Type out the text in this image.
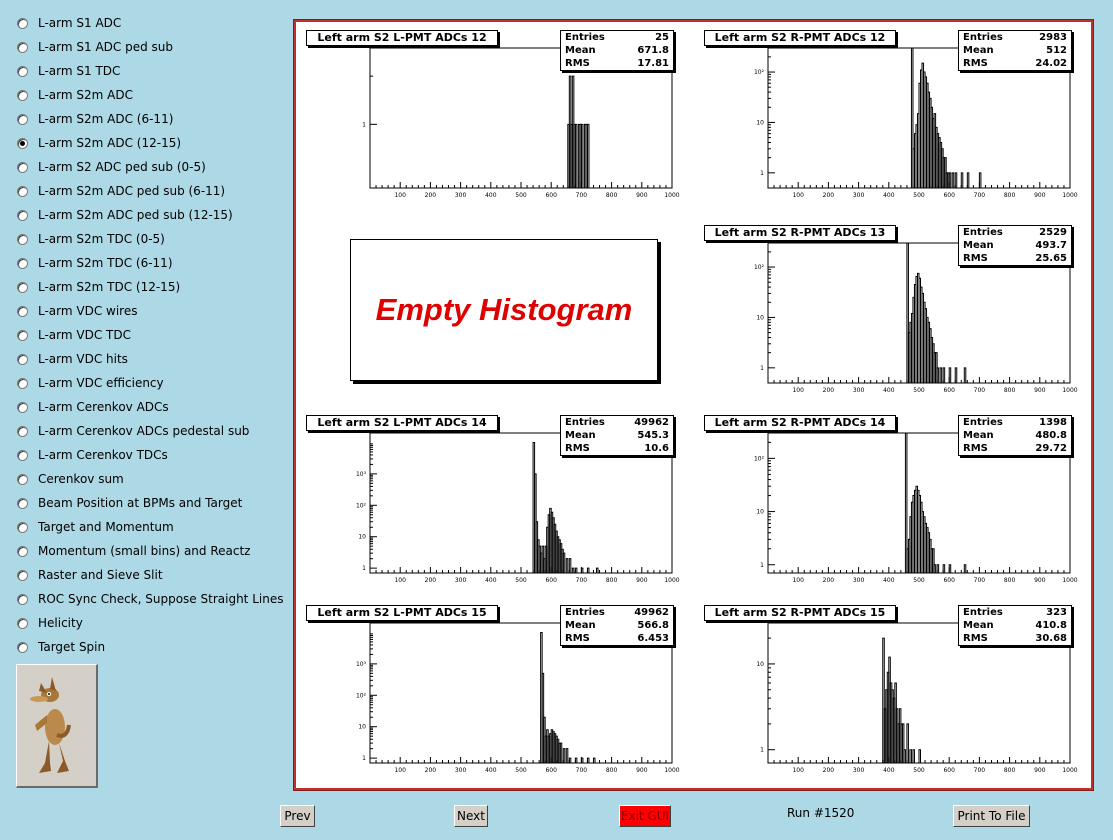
L-arm S1 ADC
L-arm S1 ADC ped sub
L-arm S1 TDC
L-arm S2m ADC
L-arm S2m ADC (6-11)
L-arm S2m ADC (12-15)
L-arm S2 ADC ped sub (0-5)
L-arm S2m ADC ped sub (6-11)
L-arm S2m ADC ped sub (12-15)
L-arm S2m TDC (0-5)
L-arm S2m TDC (6-11)
L-arm S2m TDC (12-15)
L-arm VDC wires
L-arm VDC TDC
L-arm VDC hits
L-arm VDC efficiency
L-arm Cerenkov ADCs
L-arm Cerenkov ADCs pedestal sub
L-arm Cerenkov TDCs
Cerenkov sum
Beam Position at BPMs and Target
Target and Momentum
Momentum (small bins) and Reactz
Raster and Sieve Slit
ROC Sync Check, Suppose Straight Lines
Helicity
Target Spin
100	200	300	400	500	600	700	800	900	1000
1
Left arm S2 L-PMT ADCs 12	Entries	25
Mean	671.8
RMS	17.81
100	200	300	400	500	600	700	800	900	1000
1
10
10²
Left arm S2 R-PMT ADCs 12	Entries	2983
Mean	512
RMS	24.02
Empty Histogram
100	200	300	400	500	600	700	800	900	1000
1
10
10²
Left arm S2 R-PMT ADCs 13	Entries	2529
Mean	493.7
RMS	25.65
100	200	300	400	500	600	700	800	900	1000
1
10
10²
10³
Left arm S2 L-PMT ADCs 14	Entries	49962
Mean	545.3
RMS	10.6
100	200	300	400	500	600	700	800	900	1000
1
10
10²
Left arm S2 R-PMT ADCs 14	Entries	1398
Mean	480.8
RMS	29.72
100	200	300	400	500	600	700	800	900	1000
1
10
10²
10³
Left arm S2 L-PMT ADCs 15	Entries	49962
Mean	566.8
RMS	6.453
100	200	300	400	500	600	700	800	900	1000
1
10
Left arm S2 R-PMT ADCs 15	Entries	323
Mean	410.8
RMS	30.68
Prev	Next	Exit GUI	Run #1520	Print To File
